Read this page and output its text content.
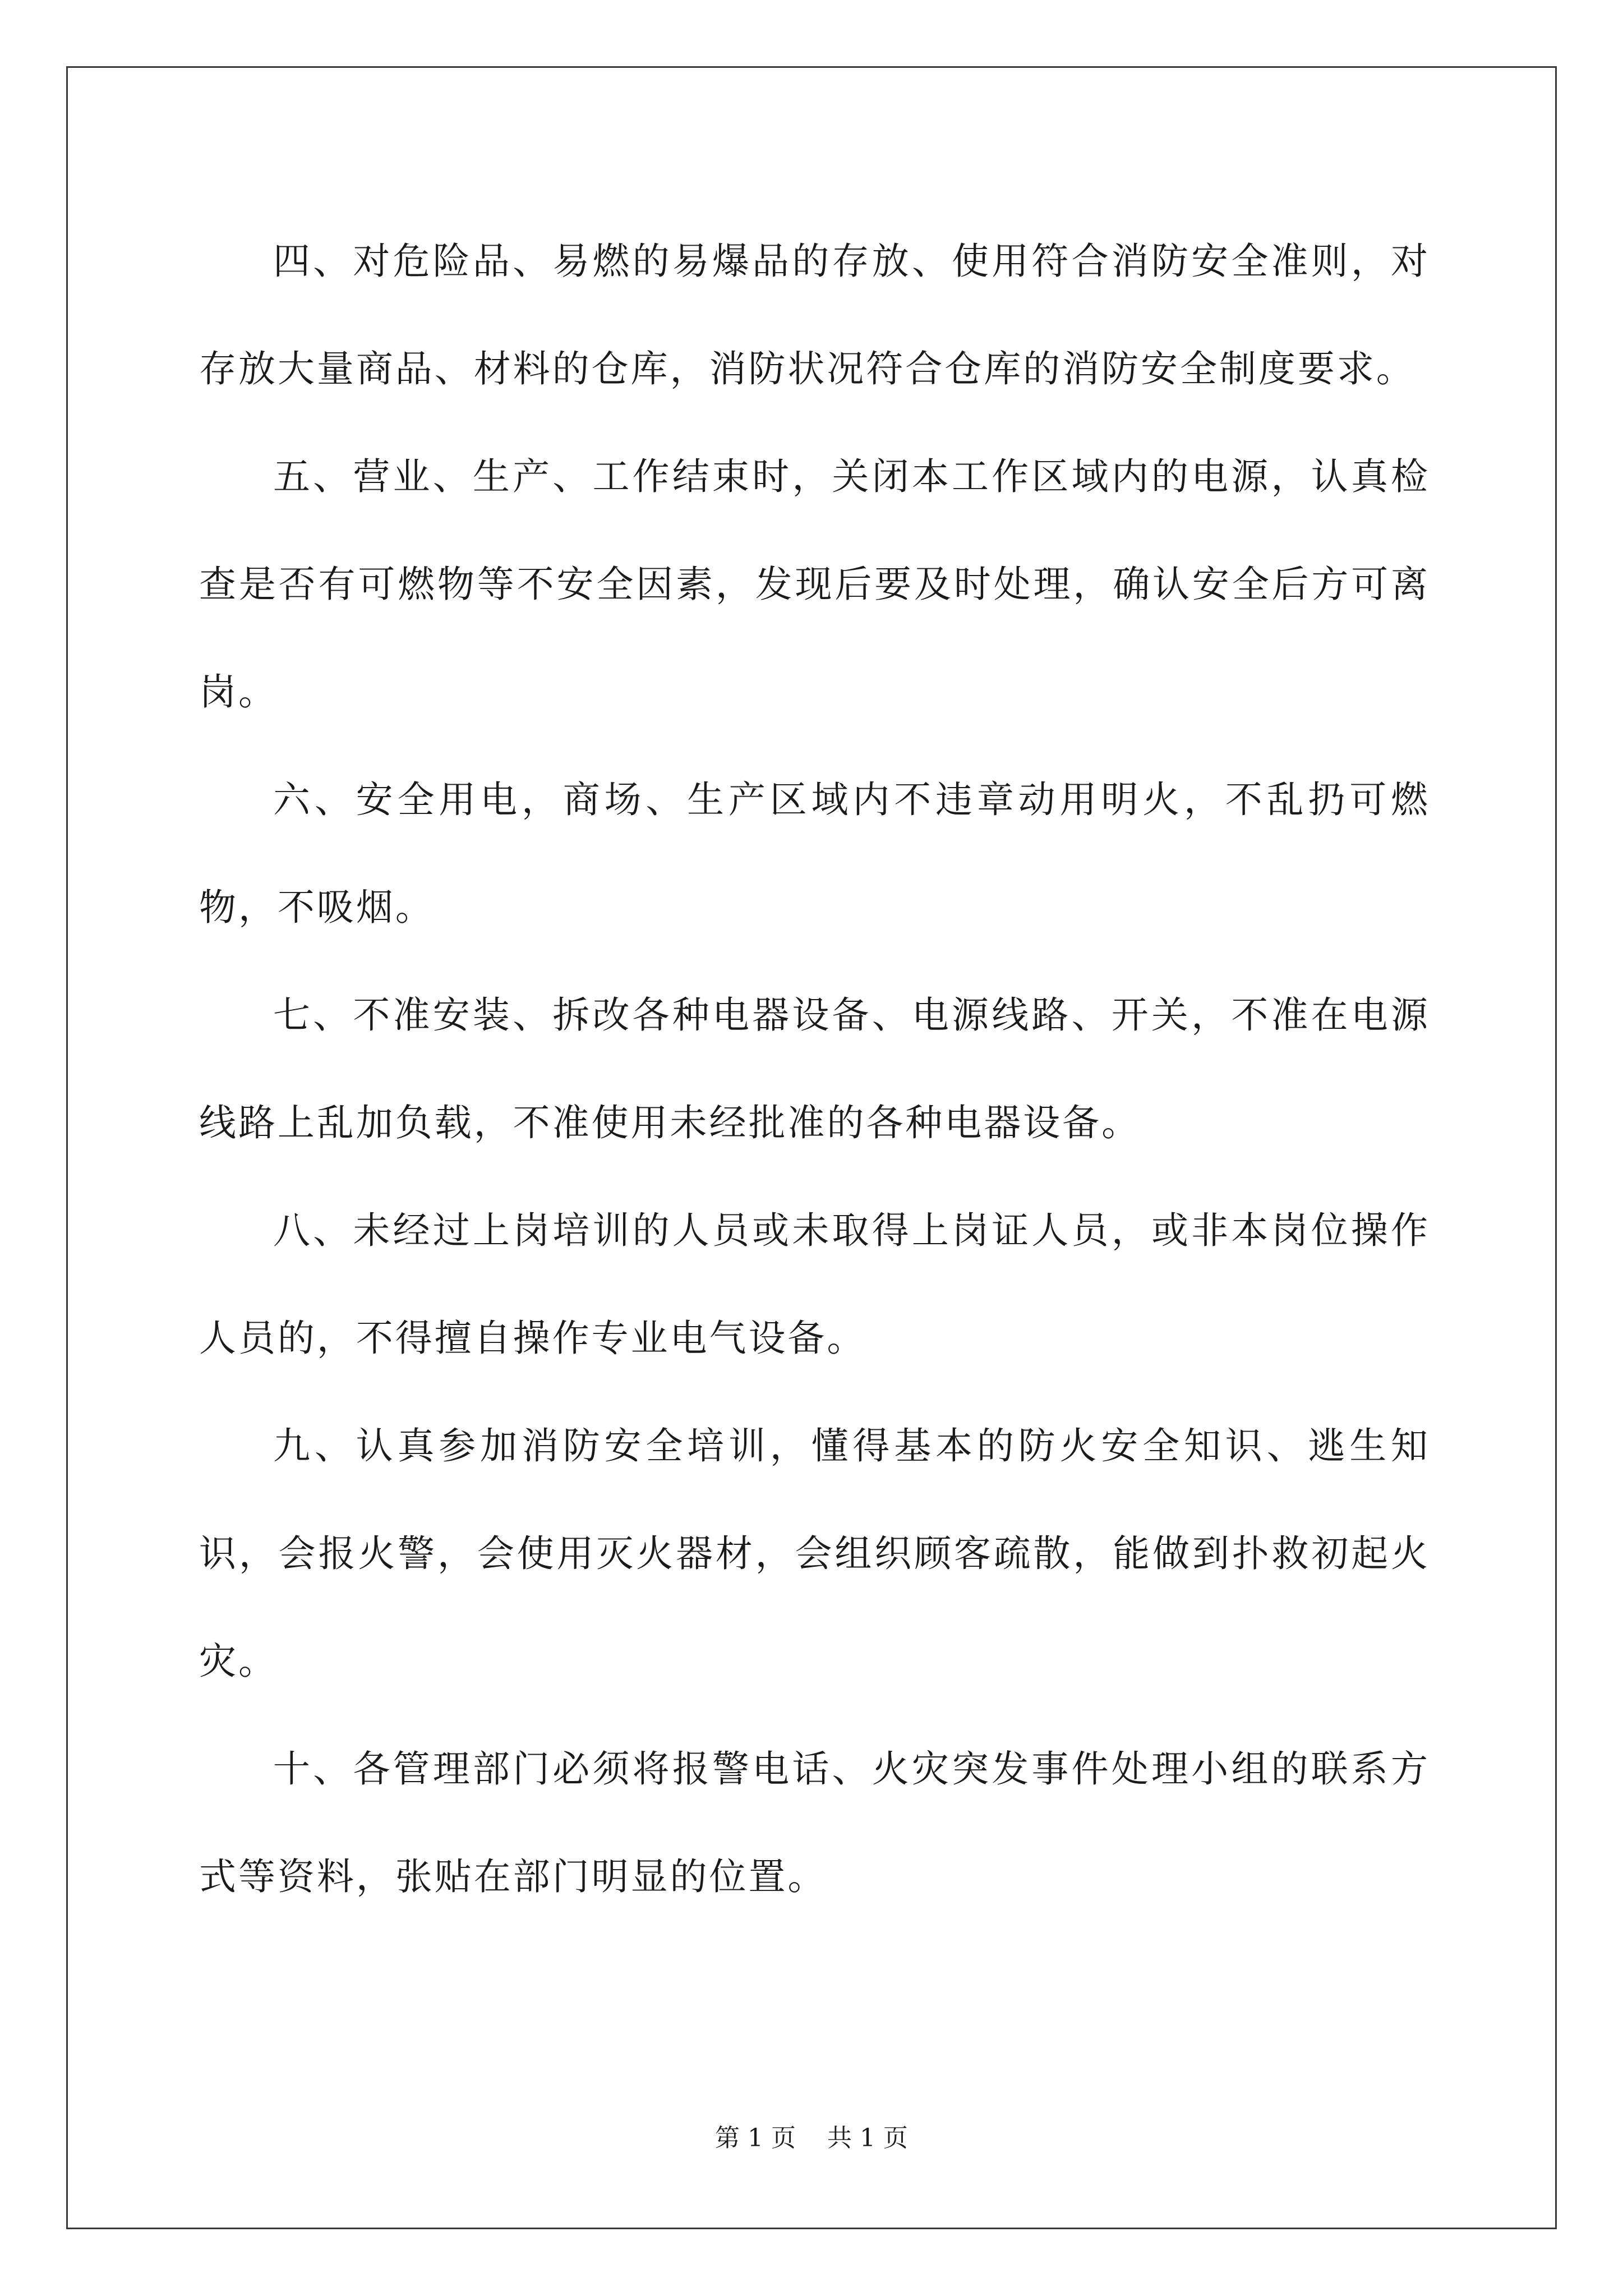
四、对危险品、易燃的易爆品的存放、使用符合消防安全准则，对存放大量商品、材料的仓库，消防状况符合仓库的消防安全制度要求。

五、营业、生产、工作结束时，关闭本工作区域内的电源，认真检查是否有可燃物等不安全因素，发现后要及时处理，确认安全后方可离岗。

六、安全用电，商场、生产区域内不违章动用明火，不乱扔可燃物，不吸烟。

七、不准安装、拆改各种电器设备、电源线路、开关，不准在电源线路上乱加负载，不准使用未经批准的各种电器设备。

八、未经过上岗培训的人员或未取得上岗证人员，或非本岗位操作人员的，不得擅自操作专业电气设备。

九、认真参加消防安全培训，懂得基本的防火安全知识、逃生知识，会报火警，会使用灭火器材，会组织顾客疏散，能做到扑救初起火灾。

十、各管理部门必须将报警电话、火灾突发事件处理小组的联系方式等资料，张贴在部门明显的位置。

第 1 页 共 1 页
